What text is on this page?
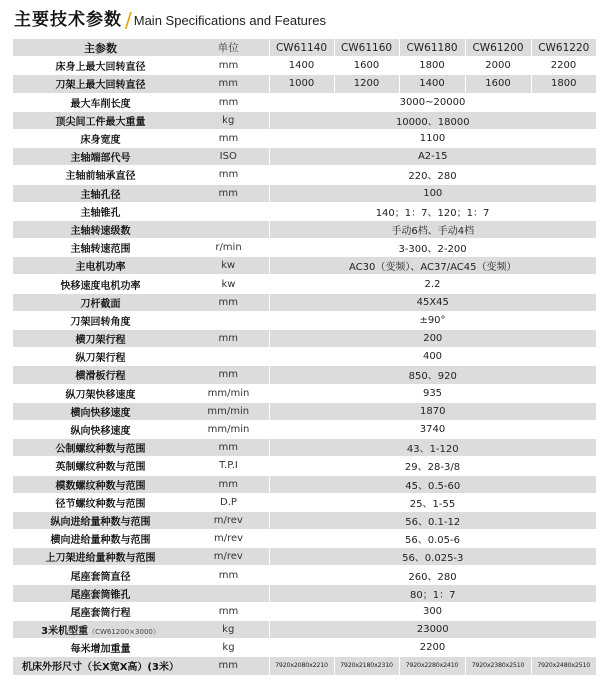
主要技术参数 / Main Specifications and Features
主参数	单位	CW61140	CW61160	CW61180	CW61200	CW61220
床身上最大回转直径	mm	1400	1600	1800	2000	2200
刀架上最大回转直径	mm	1000	1200	1400	1600	1800
最大车削长度	mm	3000~20000				
顶尖间工件最大重量	kg	10000、18000				
床身宽度	mm	1100				
主轴端部代号	ISO	A2-15				
主轴前轴承直径	mm	220、280				
主轴孔径	mm	100				
主轴锥孔		140；1：7、120；1：7				
主轴转速级数		手动6档、手动4档				
主轴转速范围	r/min	3-300、2-200				
主电机功率	kw	AC30（变频）、AC37/AC45（变频）				
快移速度电机功率	kw	2.2				
刀杆截面	mm	45X45				
刀架回转角度		±90°				
横刀架行程	mm	200				
纵刀架行程		400				
横滑板行程	mm	850、920				
纵刀架快移速度	mm/min	935				
横向快移速度	mm/min	1870				
纵向快移速度	mm/min	3740				
公制螺纹种数与范围	mm	43、1-120				
英制螺纹种数与范围	T.P.I	29、28-3/8				
模数螺纹种数与范围	mm	45、0.5-60				
径节螺纹种数与范围	D.P	25、1-55				
纵向进给量种数与范围	m/rev	56、0.1-12				
横向进给量种数与范围	m/rev	56、0.05-6				
上刀架进给量种数与范围	m/rev	56、0.025-3				
尾座套筒直径	mm	260、280				
尾座套筒锥孔		80；1：7				
尾座套筒行程	mm	300				
3米机型重（CW61200×3000）	kg	23000				
每米增加重量	kg	2200				
机床外形尺寸（长X宽X高）(3米）	mm	7920x2080x2210	7920x2180x2310	7920x2280x2410	7920x2380x2510	7920x2480x2510
